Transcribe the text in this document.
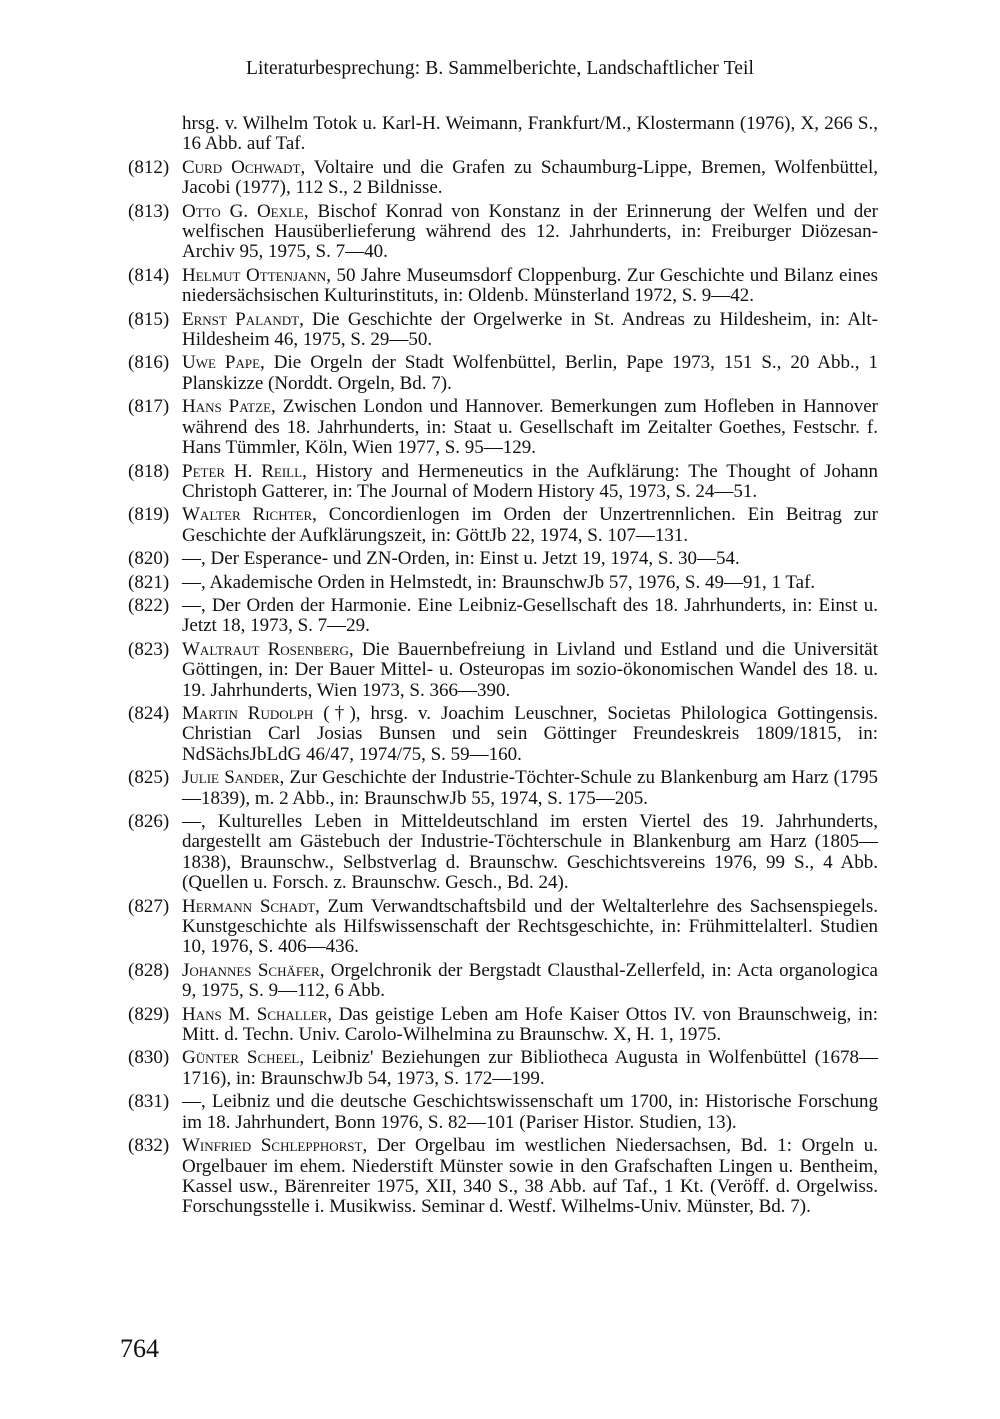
Literaturbesprechung: B. Sammelberichte, Landschaftlicher Teil
hrsg. v. Wilhelm Totok u. Karl-H. Weimann, Frankfurt/M., Klostermann (1976), X, 266 S., 16 Abb. auf Taf.
(812) Curd Ochwadt, Voltaire und die Grafen zu Schaumburg-Lippe, Bremen, Wolfenbüttel, Jacobi (1977), 112 S., 2 Bildnisse.
(813) Otto G. Oexle, Bischof Konrad von Konstanz in der Erinnerung der Welfen und der welfischen Hausüberlieferung während des 12. Jahrhunderts, in: Freiburger Diözesan-Archiv 95, 1975, S. 7—40.
(814) Helmut Ottenjann, 50 Jahre Museumsdorf Cloppenburg. Zur Geschichte und Bilanz eines niedersächsischen Kulturinstituts, in: Oldenb. Münsterland 1972, S. 9—42.
(815) Ernst Palandt, Die Geschichte der Orgelwerke in St. Andreas zu Hildesheim, in: Alt-Hildesheim 46, 1975, S. 29—50.
(816) Uwe Pape, Die Orgeln der Stadt Wolfenbüttel, Berlin, Pape 1973, 151 S., 20 Abb., 1 Planskizze (Norddt. Orgeln, Bd. 7).
(817) Hans Patze, Zwischen London und Hannover. Bemerkungen zum Hofleben in Hannover während des 18. Jahrhunderts, in: Staat u. Gesellschaft im Zeitalter Goethes, Festschr. f. Hans Tümmler, Köln, Wien 1977, S. 95—129.
(818) Peter H. Reill, History and Hermeneutics in the Aufklärung: The Thought of Johann Christoph Gatterer, in: The Journal of Modern History 45, 1973, S. 24—51.
(819) Walter Richter, Concordienlogen im Orden der Unzertrennlichen. Ein Beitrag zur Geschichte der Aufklärungszeit, in: GöttJb 22, 1974, S. 107—131.
(820) —, Der Esperance- und ZN-Orden, in: Einst u. Jetzt 19, 1974, S. 30—54.
(821) —, Akademische Orden in Helmstedt, in: BraunschwJb 57, 1976, S. 49—91, 1 Taf.
(822) —, Der Orden der Harmonie. Eine Leibniz-Gesellschaft des 18. Jahrhunderts, in: Einst u. Jetzt 18, 1973, S. 7—29.
(823) Waltraut Rosenberg, Die Bauernbefreiung in Livland und Estland und die Universität Göttingen, in: Der Bauer Mittel- u. Osteuropas im sozio-ökonomischen Wandel des 18. u. 19. Jahrhunderts, Wien 1973, S. 366—390.
(824) Martin Rudolph (†), hrsg. v. Joachim Leuschner, Societas Philologica Gottingensis. Christian Carl Josias Bunsen und sein Göttinger Freundeskreis 1809/1815, in: NdSächsJbLdG 46/47, 1974/75, S. 59—160.
(825) Julie Sander, Zur Geschichte der Industrie-Töchter-Schule zu Blankenburg am Harz (1795—1839), m. 2 Abb., in: BraunschwJb 55, 1974, S. 175—205.
(826) —, Kulturelles Leben in Mitteldeutschland im ersten Viertel des 19. Jahrhunderts, dargestellt am Gästebuch der Industrie-Töchterschule in Blankenburg am Harz (1805—1838), Braunschw., Selbstverlag d. Braunschw. Geschichtsvereins 1976, 99 S., 4 Abb. (Quellen u. Forsch. z. Braunschw. Gesch., Bd. 24).
(827) Hermann Schadt, Zum Verwandtschaftsbild und der Weltalterlehre des Sachsenspiegels. Kunstgeschichte als Hilfswissenschaft der Rechtsgeschichte, in: Frühmittelalterl. Studien 10, 1976, S. 406—436.
(828) Johannes Schäfer, Orgelchronik der Bergstadt Clausthal-Zellerfeld, in: Acta organologica 9, 1975, S. 9—112, 6 Abb.
(829) Hans M. Schaller, Das geistige Leben am Hofe Kaiser Ottos IV. von Braunschweig, in: Mitt. d. Techn. Univ. Carolo-Wilhelmina zu Braunschw. X, H. 1, 1975.
(830) Günter Scheel, Leibniz' Beziehungen zur Bibliotheca Augusta in Wolfenbüttel (1678—1716), in: BraunschwJb 54, 1973, S. 172—199.
(831) —, Leibniz und die deutsche Geschichtswissenschaft um 1700, in: Historische Forschung im 18. Jahrhundert, Bonn 1976, S. 82—101 (Pariser Histor. Studien, 13).
(832) Winfried Schlepphorst, Der Orgelbau im westlichen Niedersachsen, Bd. 1: Orgeln u. Orgelbauer im ehem. Niederstift Münster sowie in den Grafschaften Lingen u. Bentheim, Kassel usw., Bärenreiter 1975, XII, 340 S., 38 Abb. auf Taf., 1 Kt. (Veröff. d. Orgelwiss. Forschungsstelle i. Musikwiss. Seminar d. Westf. Wilhelms-Univ. Münster, Bd. 7).
764
